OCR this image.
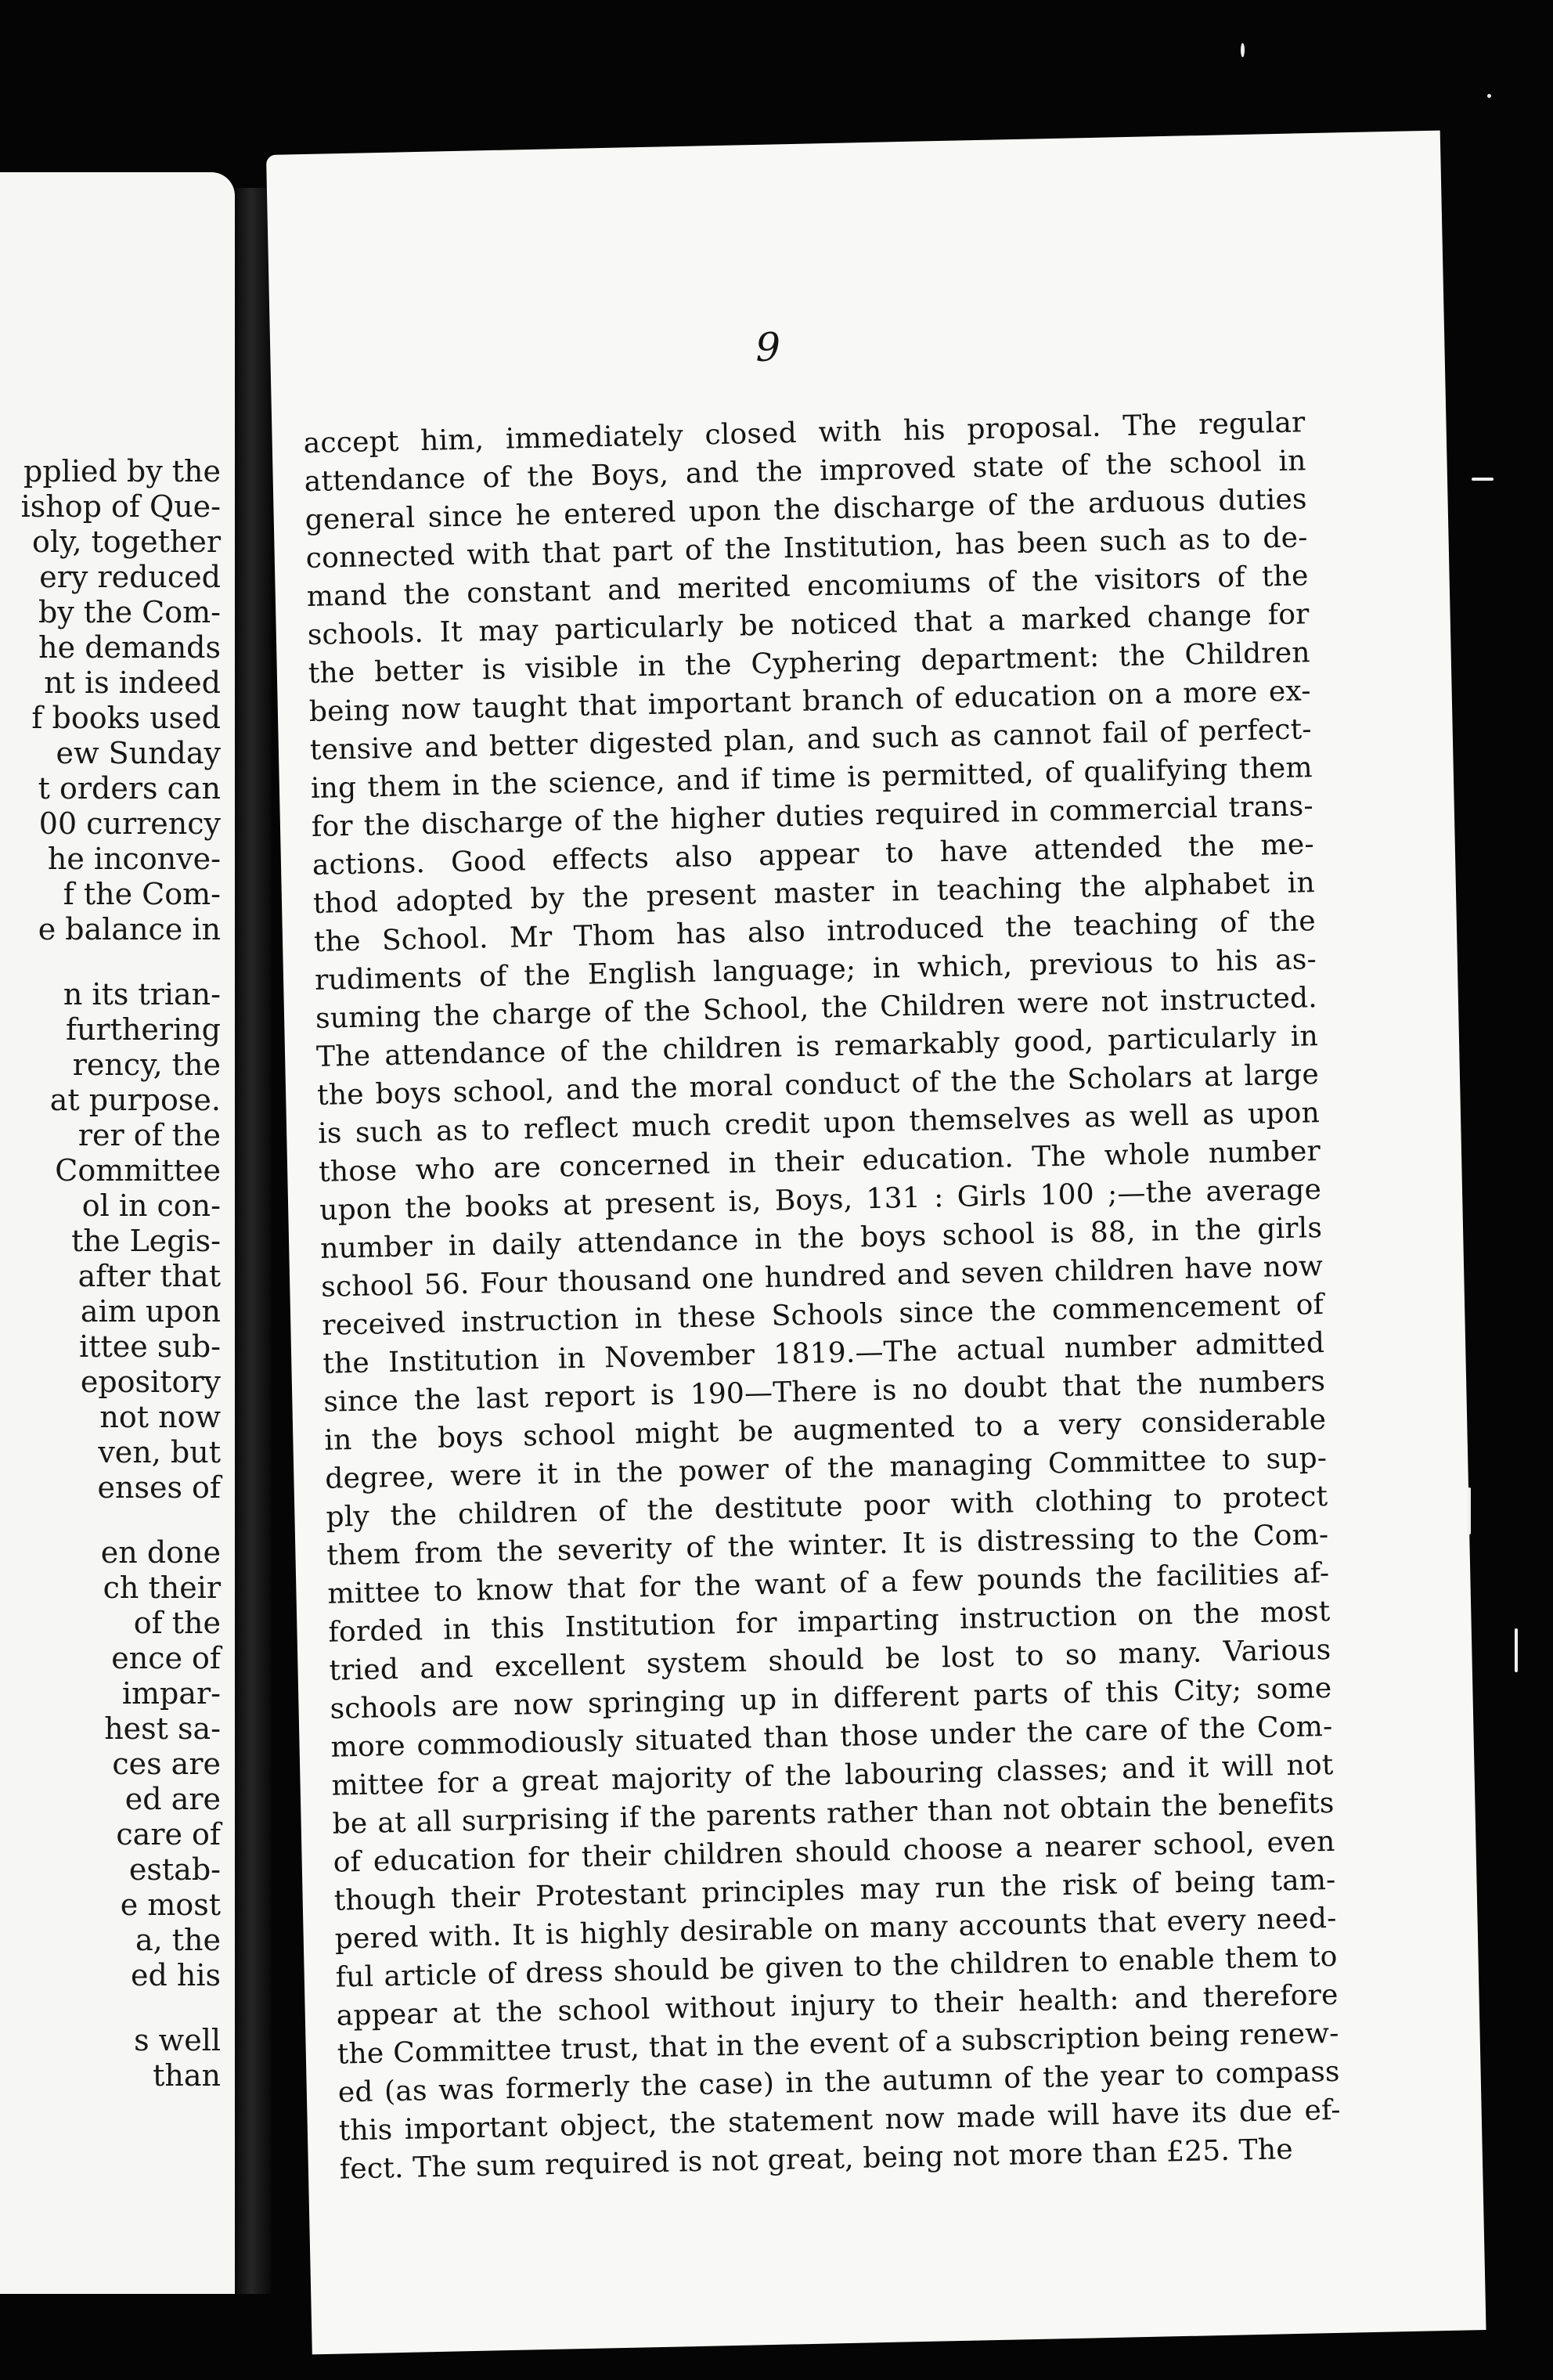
pplied by the
ishop of Que-
oly, together
ery reduced
by the Com-
he demands
nt is indeed
f books used
ew Sunday
t orders can
00 currency
he inconve-
f the Com-
e balance in
n its trian-
furthering
rency, the
at purpose.
rer of the
Committee
ol in con-
the Legis-
after that
aim upon
ittee sub-
epository
not now
ven, but
enses of
en done
ch their
of the
ence of
impar-
hest sa-
ces are
ed are
care of
estab-
e most
a, the
ed his
s well
than
9
accept him, immediately closed with his proposal. The regular
attendance of the Boys, and the improved state of the school in
general since he entered upon the discharge of the arduous duties
connected with that part of the Institution, has been such as to de-
mand the constant and merited encomiums of the visitors of the
schools. It may particularly be noticed that a marked change for
the better is visible in the Cyphering department: the Children
being now taught that important branch of education on a more ex-
tensive and better digested plan, and such as cannot fail of perfect-
ing them in the science, and if time is permitted, of qualifying them
for the discharge of the higher duties required in commercial trans-
actions. Good effects also appear to have attended the me-
thod adopted by the present master in teaching the alphabet in
the School. Mr Thom has also introduced the teaching of the
rudiments of the English language; in which, previous to his as-
suming the charge of the School, the Children were not instructed.
The attendance of the children is remarkably good, particularly in
the boys school, and the moral conduct of the the Scholars at large
is such as to reflect much credit upon themselves as well as upon
those who are concerned in their education. The whole number
upon the books at present is, Boys, 131 : Girls 100 ;—the average
number in daily attendance in the boys school is 88, in the girls
school 56. Four thousand one hundred and seven children have now
received instruction in these Schools since the commencement of
the Institution in November 1819.—The actual number admitted
since the last report is 190—There is no doubt that the numbers
in the boys school might be augmented to a very considerable
degree, were it in the power of the managing Committee to sup-
ply the children of the destitute poor with clothing to protect
them from the severity of the winter. It is distressing to the Com-
mittee to know that for the want of a few pounds the facilities af-
forded in this Institution for imparting instruction on the most
tried and excellent system should be lost to so many. Various
schools are now springing up in different parts of this City; some
more commodiously situated than those under the care of the Com-
mittee for a great majority of the labouring classes; and it will not
be at all surprising if the parents rather than not obtain the benefits
of education for their children should choose a nearer school, even
though their Protestant principles may run the risk of being tam-
pered with. It is highly desirable on many accounts that every need-
ful article of dress should be given to the children to enable them to
appear at the school without injury to their health: and therefore
the Committee trust, that in the event of a subscription being renew-
ed (as was formerly the case) in the autumn of the year to compass
this important object, the statement now made will have its due ef-
fect. The sum required is not great, being not more than £25. The
